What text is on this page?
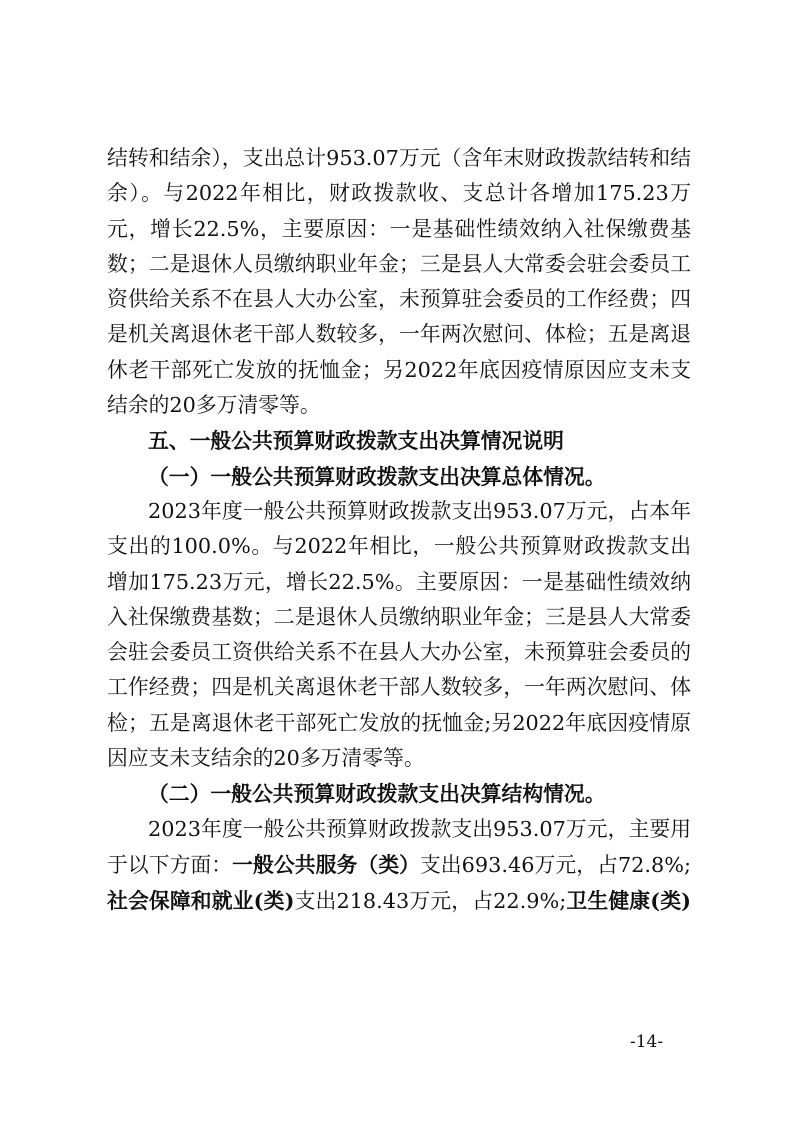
结转和结余），支出总计953.07万元（含年末财政拨款结转和结余）。与2022年相比，财政拨款收、支总计各增加175.23万元，增长22.5%，主要原因：一是基础性绩效纳入社保缴费基数；二是退休人员缴纳职业年金；三是县人大常委会驻会委员工资供给关系不在县人大办公室，未预算驻会委员的工作经费；四是机关离退休老干部人数较多，一年两次慰问、体检；五是离退休老干部死亡发放的抚恤金；另2022年底因疫情原因应支未支结余的20多万清零等。

五、一般公共预算财政拨款支出决算情况说明

（一）一般公共预算财政拨款支出决算总体情况。

2023年度一般公共预算财政拨款支出953.07万元，占本年支出的100.0%。与2022年相比，一般公共预算财政拨款支出增加175.23万元，增长22.5%。主要原因：一是基础性绩效纳入社保缴费基数；二是退休人员缴纳职业年金；三是县人大常委会驻会委员工资供给关系不在县人大办公室，未预算驻会委员的工作经费；四是机关离退休老干部人数较多，一年两次慰问、体检；五是离退休老干部死亡发放的抚恤金;另2022年底因疫情原因应支未支结余的20多万清零等。

（二）一般公共预算财政拨款支出决算结构情况。

2023年度一般公共预算财政拨款支出953.07万元，主要用于以下方面：一般公共服务（类）支出693.46万元，占72.8%;社会保障和就业(类)支出218.43万元，占22.9%;卫生健康(类)

-14-
